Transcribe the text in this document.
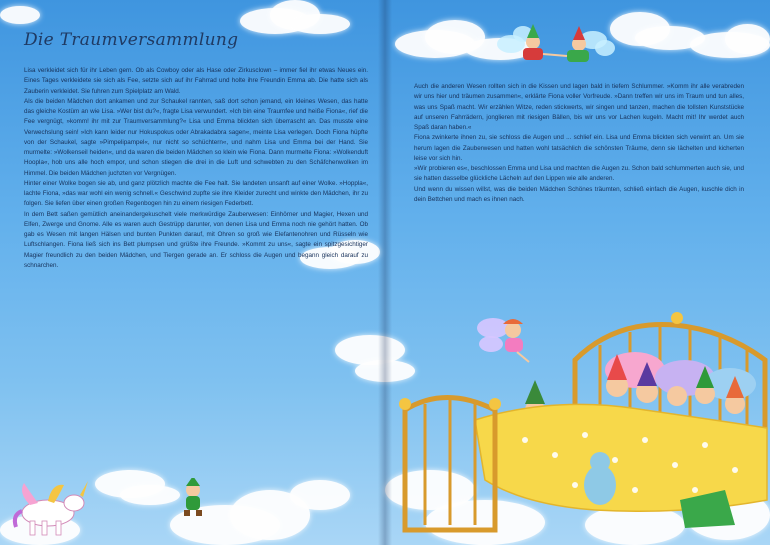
Die Traumversammlung

Lisa verkleidet sich für ihr Leben gern. Ob als Cowboy oder als Hase oder Zirkusclown – immer fiel ihr etwas Neues ein. Eines Tages verkleidete sie sich als Fee, setzte sich auf ihr Fahrrad und holte ihre Freundin Emma ab. Die hatte sich als Zauberin verkleidet. Sie fuhren zum Spielplatz am Wald.

Als die beiden Mädchen dort ankamen und zur Schaukel rannten, saß dort schon jemand, ein kleines Wesen, das hatte das gleiche Kostüm an wie Lisa. »Wer bist du?«, fragte Lisa verwundert. »Ich bin eine Traumfee und heiße Fiona«, rief die Fee vergnügt, »komm! ihr mit zur Traumversammlung?« Lisa und Emma blickten sich überrascht an. Das musste eine Verwechslung sein! »Ich kann leider nur Hokuspokus oder Abrakadabra sagen«, meinte Lisa verlegen. Doch Fiona hüpfte von der Schaukel, sagte »Pimpelipampel«, nur nicht so schüchtern«, und nahm Lisa und Emma bei der Hand. Sie murmelte: »Wolkenseil heiden«, und da waren die beiden Mädchen so klein wie Fiona. Dann murmelte Fiona: »Wolkenduft Hoopla«, hob uns alle hoch empor, und schon stiegen die drei in die Luft und schwebten zu den Schäfchenwolken im Himmel. Die beiden Mädchen juchzten vor Vergnügen.

Hinter einer Wolke bogen sie ab, und ganz plötzlich machte die Fee halt. Sie landeten unsanft auf einer Wolke. »Hoppla«, lachte Fiona, »das war wohl ein wenig schnell.« Geschwind zupfte sie ihre Kleider zurecht und winkte den Mädchen, ihr zu folgen. Sie liefen über einen großen Regenbogen hin zu einem riesigen Federbett.

In dem Bett saßen gemütlich aneinandergekuschelt viele merkwürdige Zauberwesen: Einhörner und Magier, Hexen und Elfen, Zwerge und Gnome. Alle es waren auch Gestrüpp darunter, von denen Lisa und Emma noch nie gehört hatten. Ob gab es Wesen mit langen Hälsen und bunten Punkten darauf, mit Ohren so groß wie Elefantenohren und Rüsseln wie Luftschlangen. Fiona ließ sich ins Bett plumpsen und grüßte ihre Freunde. »Kommt zu uns«, sagte ein spitzgesichtiger Magier freundlich zu den beiden Mädchen, und Tiergen gerade an. Er schloss die Augen und begann gleich darauf zu schnarchen.

Auch die anderen Wesen rollten sich in die Kissen und lagen bald in tiefem Schlummer. »Komm ihr alle verabreden wir uns hier und träumen zusammen«, erklärte Fiona voller Vorfreude. »Dann treffen wir uns im Traum und tun alles, was uns Spaß macht. Wir erzählen Witze, reden stickwerts, wir singen und tanzen, machen die tollsten Kunststücke auf unseren Fahrrädern, jonglieren mit riesigen Bällen, bis wir uns vor Lachen kugeln. Macht mit! Ihr werdet auch Spaß daran haben.«

Fiona zwinkerte ihnen zu, sie schloss die Augen und ... schlief ein. Lisa und Emma blickten sich verwirrt an. Um sie herum lagen die Zauberwesen und hatten wohl tatsächlich die schönsten Träume, denn sie lächelten und kicherten leise vor sich hin.

»Wir probieren es«, beschlossen Emma und Lisa und machten die Augen zu. Schon bald schlummerten auch sie, und sie hatten dasselbe glückliche Lächeln auf den Lippen wie alle anderen.

Und wenn du wissen willst, was die beiden Mädchen Schönes träumten, schließ einfach die Augen, kuschle dich in dein Bettchen und mach es ihnen nach.
